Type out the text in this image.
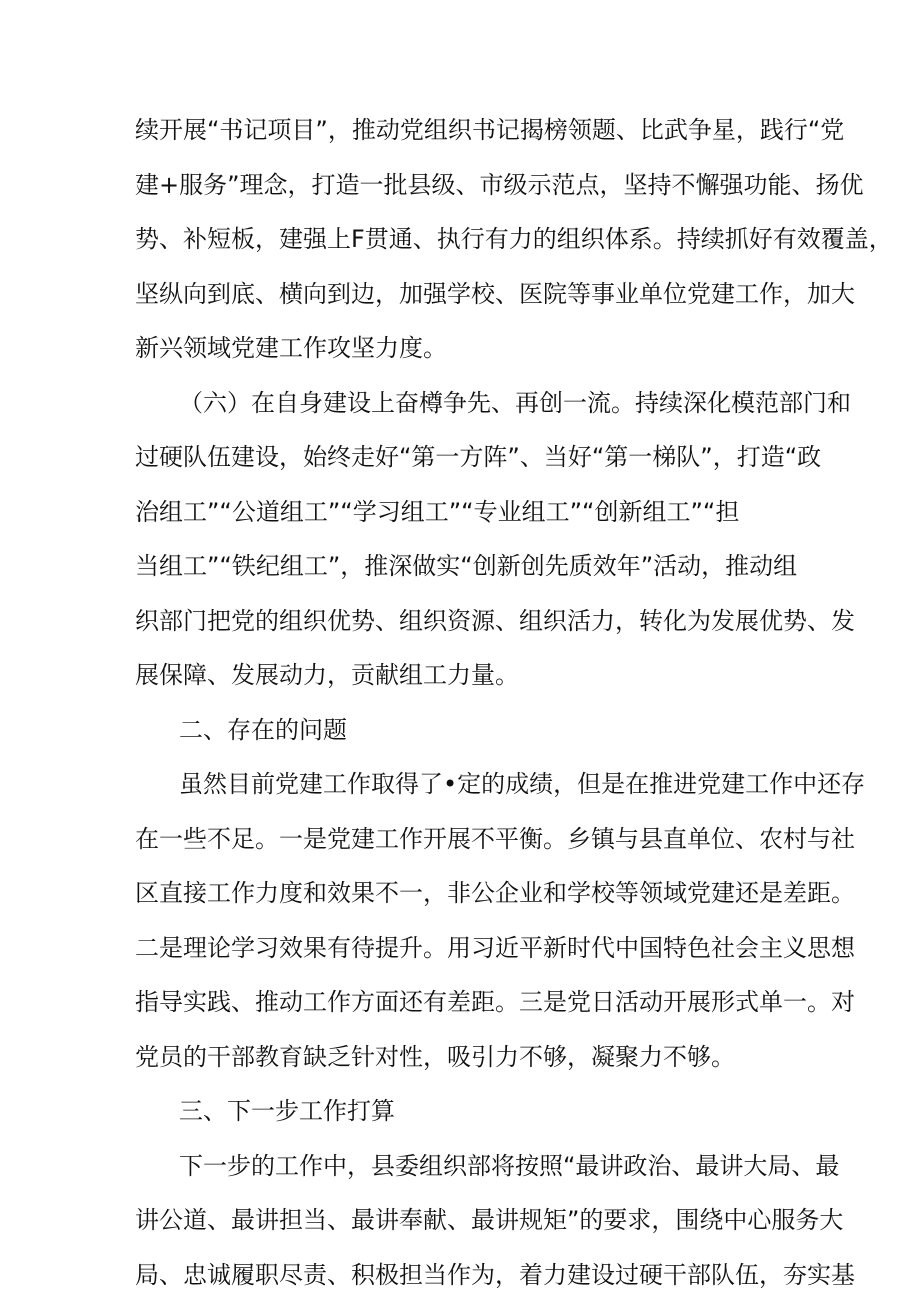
续开展“书记项目”，推动党组织书记揭榜领题、比武争星，践行“党
建+服务”理念，打造一批县级、市级示范点，坚持不懈强功能、扬优
势、补短板，建强上F贯通、执行有力的组织体系。持续抓好有效覆盖，
坚纵向到底、横向到边，加强学校、医院等事业单位党建工作，加大
新兴领域党建工作攻坚力度。
（六）在自身建设上奋樽争先、再创一流。持续深化模范部门和
过硬队伍建设，始终走好“第一方阵”、当好“第一梯队”，打造“政
治组工”“公道组工”“学习组工”“专业组工”“创新组工”“担
当组工”“铁纪组工”，推深做实“创新创先质效年”活动，推动组
织部门把党的组织优势、组织资源、组织活力，转化为发展优势、发
展保障、发展动力，贡献组工力量。
二、存在的问题
虽然目前党建工作取得了•定的成绩，但是在推进党建工作中还存
在一些不足。一是党建工作开展不平衡。乡镇与县直单位、农村与社
区直接工作力度和效果不一，非公企业和学校等领域党建还是差距。
二是理论学习效果有待提升。用习近平新时代中国特色社会主义思想
指导实践、推动工作方面还有差距。三是党日活动开展形式单一。对
党员的干部教育缺乏针对性，吸引力不够，凝聚力不够。
三、下一步工作打算
下一步的工作中，县委组织部将按照“最讲政治、最讲大局、最
讲公道、最讲担当、最讲奉献、最讲规矩”的要求，围绕中心服务大
局、忠诚履职尽责、积极担当作为，着力建设过硬干部队伍，夯实基
